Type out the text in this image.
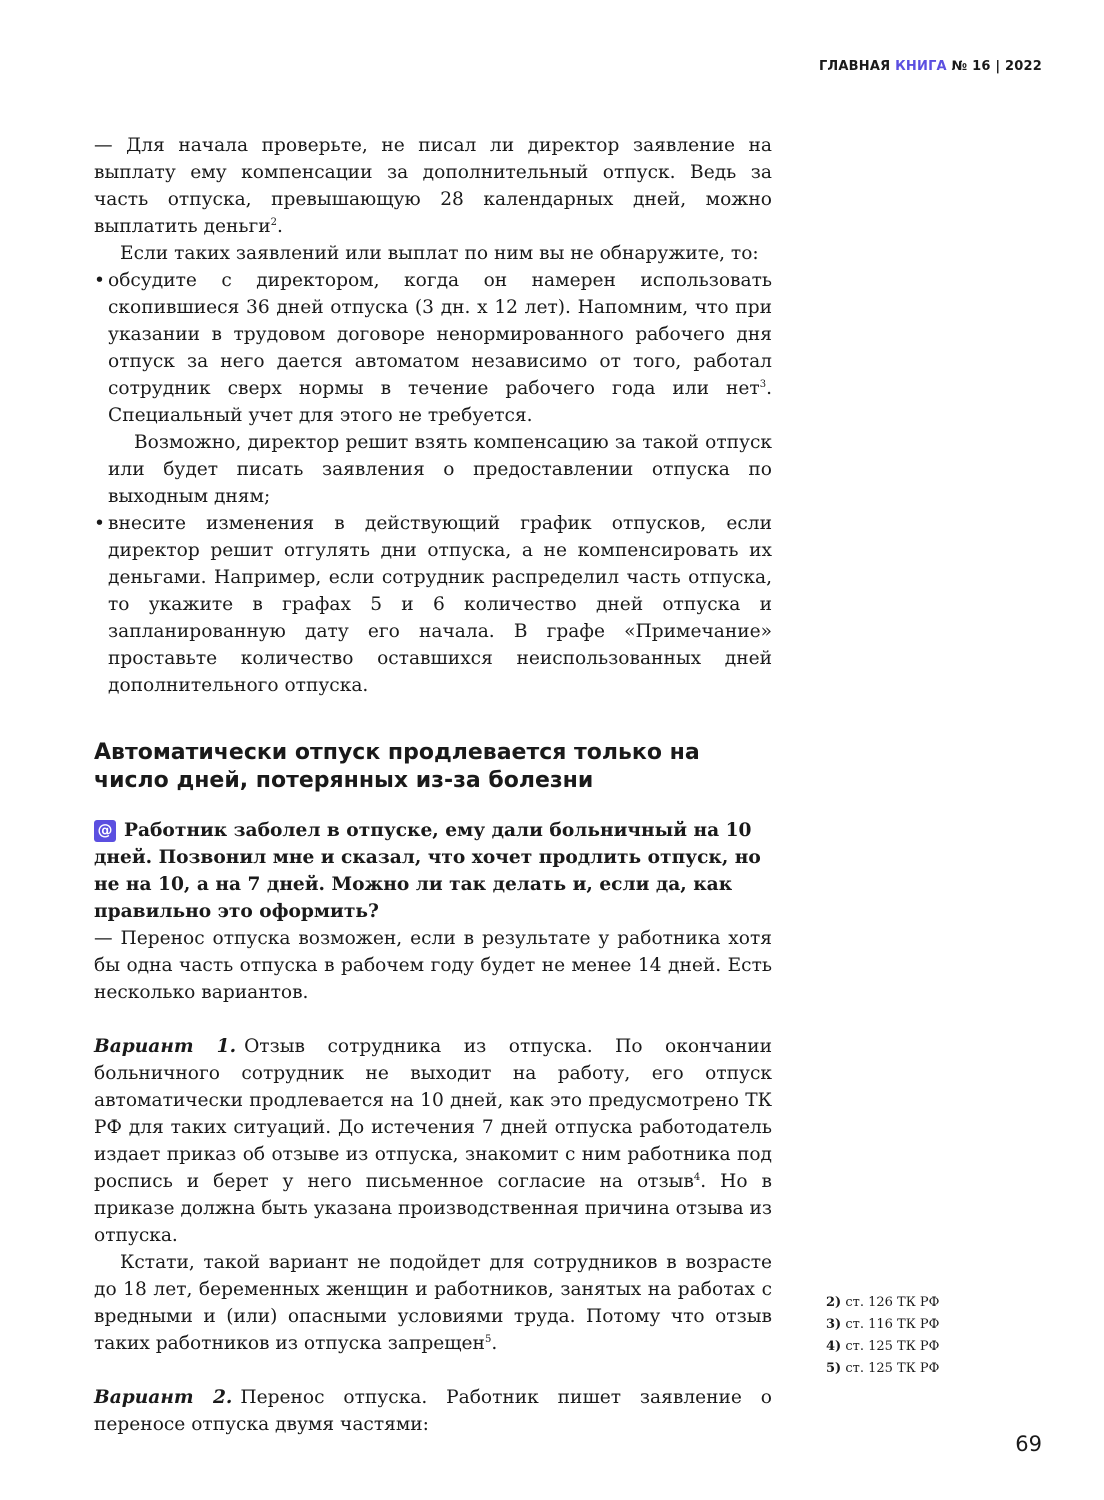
ГЛАВНАЯ КНИГА № 16 | 2022

— Для начала проверьте, не писал ли директор заявление на выплату ему компенсации за дополнительный отпуск. Ведь за часть отпуска, превышающую 28 календарных дней, можно выплатить деньги$^2$.

Если таких заявлений или выплат по ним вы не обнаружите, то:

• обсудите с директором, когда он намерен использовать скопившиеся 36 дней отпуска (3 дн. х 12 лет). Напомним, что при указании в трудовом договоре ненормированного рабочего дня отпуск за него дается автоматом независимо от того, работал сотрудник сверх нормы в течение рабочего года или нет$^3$. Специальный учет для этого не требуется.

Возможно, директор решит взять компенсацию за такой отпуск или будет писать заявления о предоставлении отпуска по выходным дням;

• внесите изменения в действующий график отпусков, если директор решит отгулять дни отпуска, а не компенсировать их деньгами. Например, если сотрудник распределил часть отпуска, то укажите в графах 5 и 6 количество дней отпуска и запланированную дату его начала. В графе «Примечание» проставьте количество оставшихся неиспользованных дней дополнительного отпуска.

Автоматически отпуск продлевается только на число дней, потерянных из-за болезни

@ Работник заболел в отпуске, ему дали больничный на 10 дней. Позвонил мне и сказал, что хочет продлить отпуск, но не на 10, а на 7 дней. Можно ли так делать и, если да, как правильно это оформить?

— Перенос отпуска возможен, если в результате у работника хотя бы одна часть отпуска в рабочем году будет не менее 14 дней. Есть несколько вариантов.

Вариант 1. Отзыв сотрудника из отпуска. По окончании больничного сотрудник не выходит на работу, его отпуск автоматически продлевается на 10 дней, как это предусмотрено ТК РФ для таких ситуаций. До истечения 7 дней отпуска работодатель издает приказ об отзыве из отпуска, знакомит с ним работника под роспись и берет у него письменное согласие на отзыв$^4$. Но в приказе должна быть указана производственная причина отзыва из отпуска.

Кстати, такой вариант не подойдет для сотрудников в возрасте до 18 лет, беременных женщин и работников, занятых на работах с вредными и (или) опасными условиями труда. Потому что отзыв таких работников из отпуска запрещен$^5$.

Вариант 2. Перенос отпуска. Работник пишет заявление о переносе отпуска двумя частями:

2) ст. 126 ТК РФ
3) ст. 116 ТК РФ
4) ст. 125 ТК РФ
5) ст. 125 ТК РФ
69
